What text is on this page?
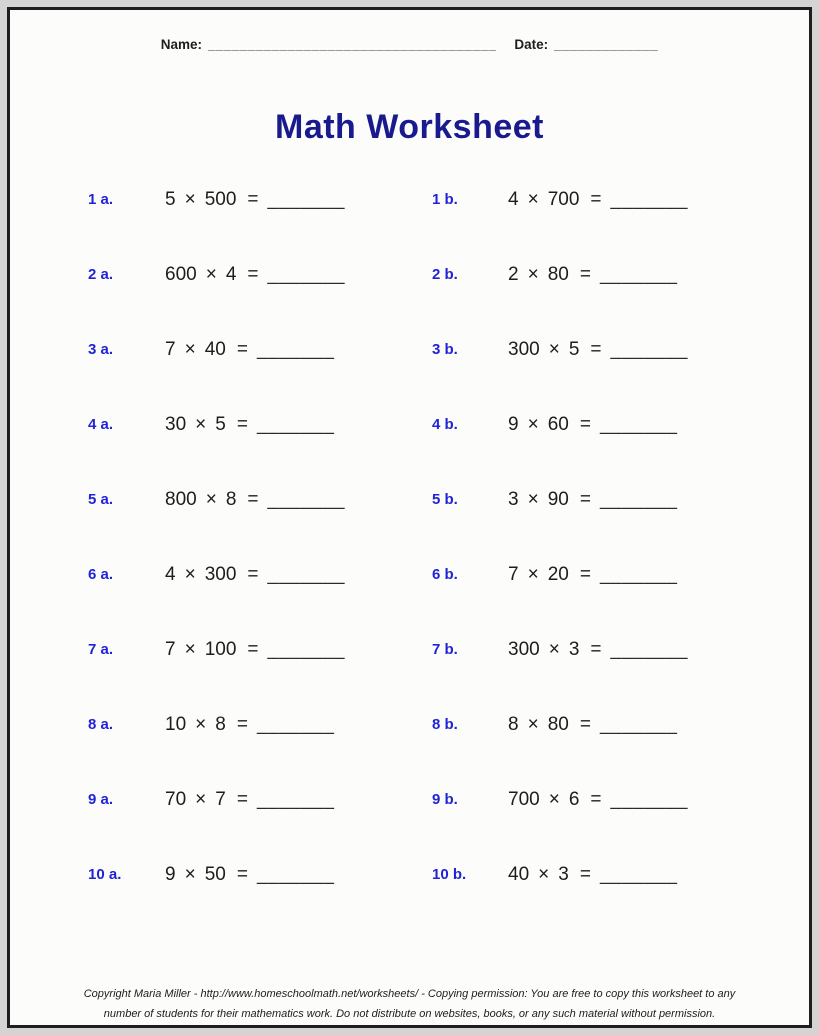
Name: ____________________________________ Date: _____________
Math Worksheet
1 a.	5 × 500 = _______	1 b.	4 × 700 = _______
2 a.	600 × 4 = _______	2 b.	2 × 80 = _______
3 a.	7 × 40 = _______	3 b.	300 × 5 = _______
4 a.	30 × 5 = _______	4 b.	9 × 60 = _______
5 a.	800 × 8 = _______	5 b.	3 × 90 = _______
6 a.	4 × 300 = _______	6 b.	7 × 20 = _______
7 a.	7 × 100 = _______	7 b.	300 × 3 = _______
8 a.	10 × 8 = _______	8 b.	8 × 80 = _______
9 a.	70 × 7 = _______	9 b.	700 × 6 = _______
10 a.	9 × 50 = _______	10 b.	40 × 3 = _______
Copyright Maria Miller - http://www.homeschoolmath.net/worksheets/ - Copying permission: You are free to copy this worksheet to any
number of students for their mathematics work. Do not distribute on websites, books, or any such material without permission.
